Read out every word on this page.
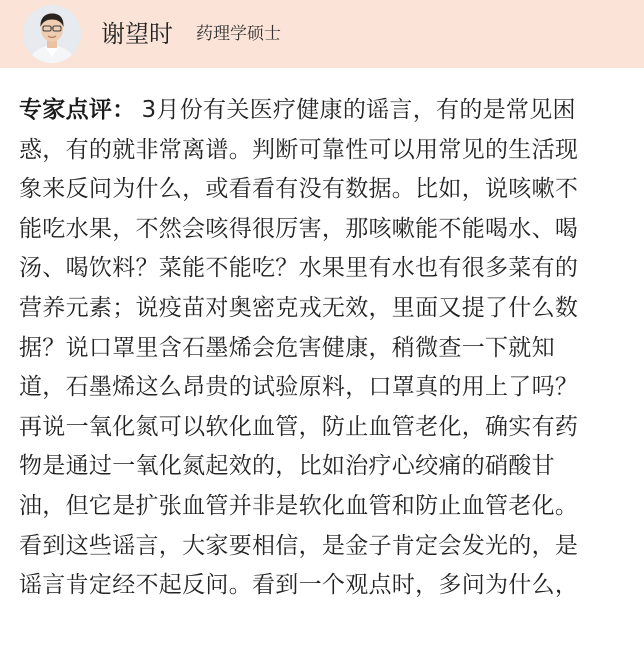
谢望时 药理学硕士
专家点评： 3月份有关医疗健康的谣言，有的是常见困
惑，有的就非常离谱。判断可靠性可以用常见的生活现
象来反问为什么，或看看有没有数据。比如，说咳嗽不
能吃水果，不然会咳得很厉害，那咳嗽能不能喝水、喝
汤、喝饮料？菜能不能吃？水果里有水也有很多菜有的
营养元素；说疫苗对奥密克戎无效，里面又提了什么数
据？说口罩里含石墨烯会危害健康，稍微查一下就知
道，石墨烯这么昂贵的试验原料，口罩真的用上了吗？
再说一氧化氮可以软化血管，防止血管老化，确实有药
物是通过一氧化氮起效的，比如治疗心绞痛的硝酸甘
油，但它是扩张血管并非是软化血管和防止血管老化。
看到这些谣言，大家要相信，是金子肯定会发光的，是
谣言肯定经不起反问。看到一个观点时，多问为什么，
